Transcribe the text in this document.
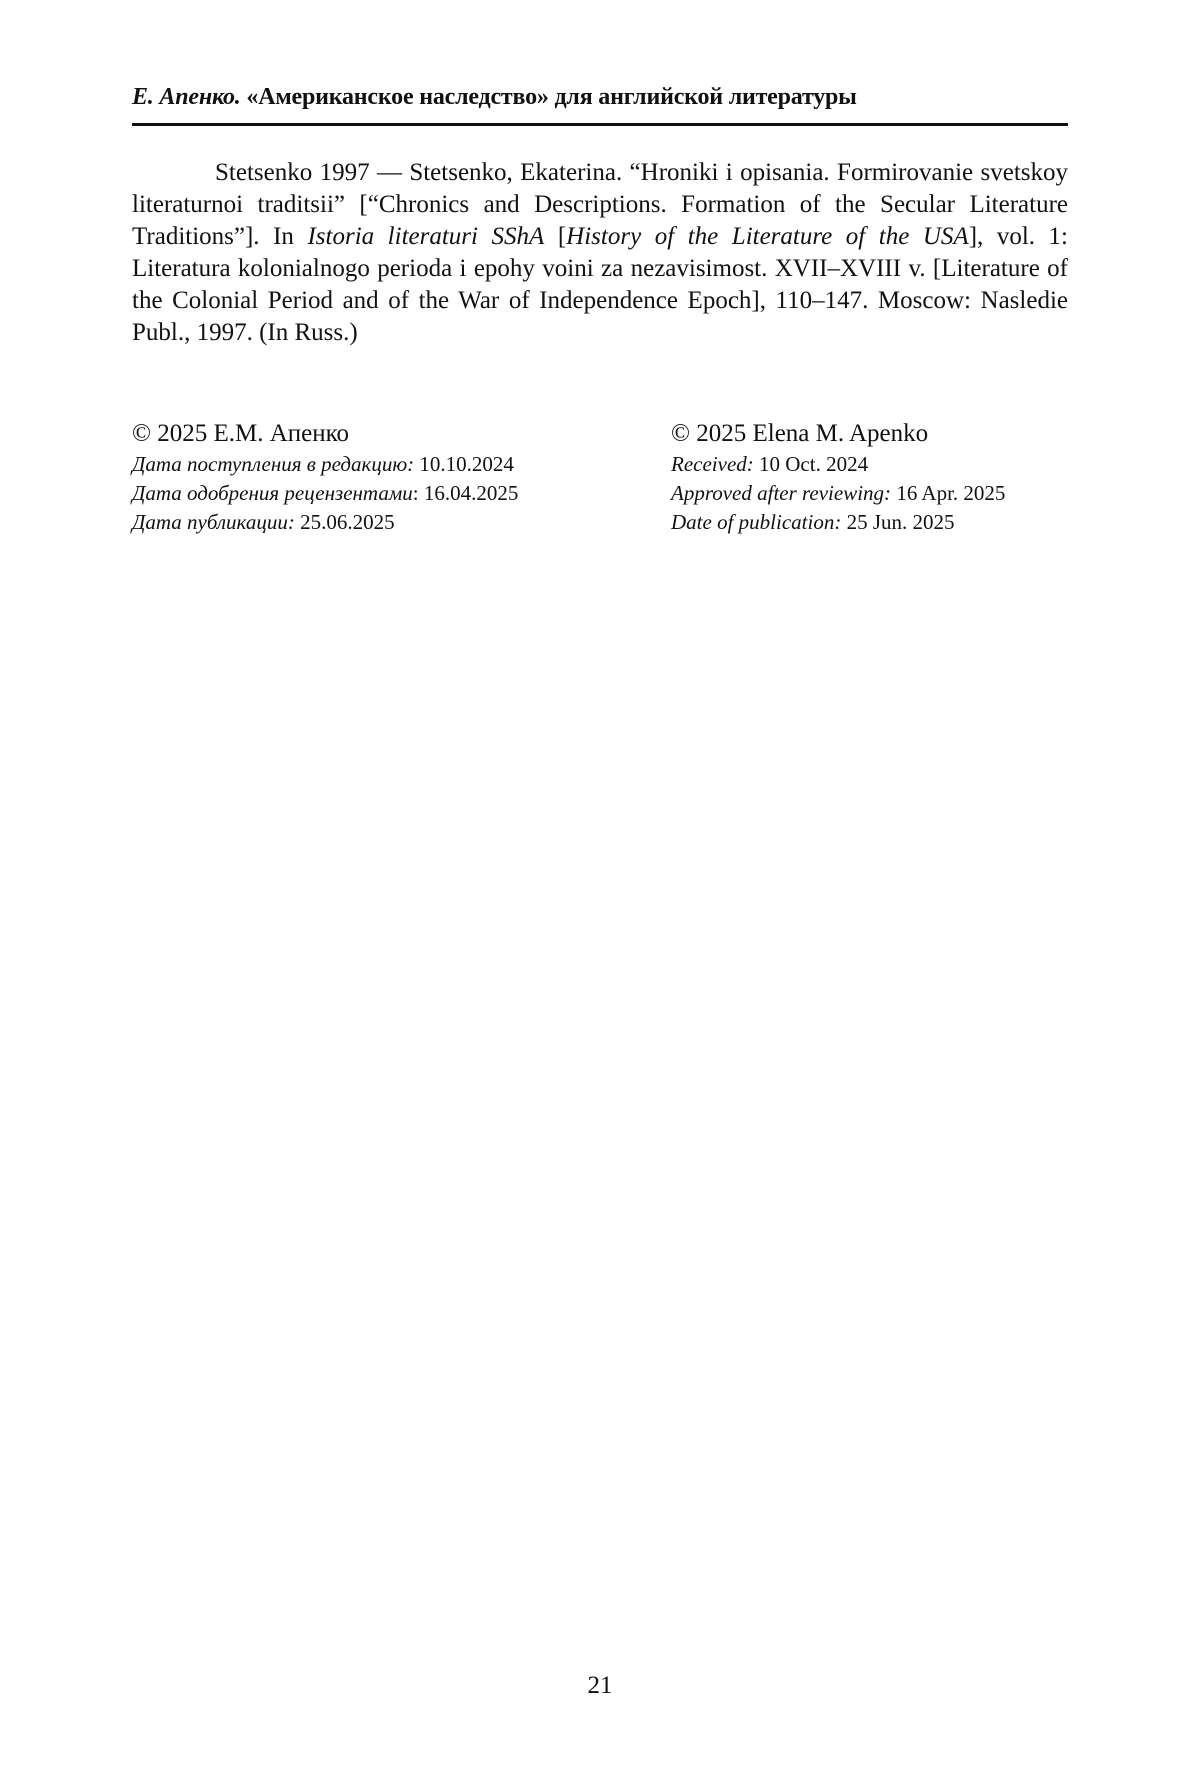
Е. Апенко. «Американское наследство» для английской литературы

Stetsenko 1997 — Stetsenko, Ekaterina. “Hroniki i opisania. Formirovanie svetskoy literaturnoi traditsii” [“Chronics and Descriptions. Formation of the Secular Literature Traditions”]. In Istoria literaturi SShA [History of the Literature of the USA], vol. 1: Literatura kolonialnogo perioda i epohy voini za nezavisimost. XVII–XVIII v. [Literature of the Colonial Period and of the War of Independence Epoch], 110–147. Moscow: Nasledie Publ., 1997. (In Russ.)

© 2025 Е.М. Апенко
Дата поступления в редакцию: 10.10.2024
Дата одобрения рецензентами: 16.04.2025
Дата публикации: 25.06.2025
© 2025 Elena M. Apenko
Received: 10 Oct. 2024
Approved after reviewing: 16 Apr. 2025
Date of publication: 25 Jun. 2025
21
